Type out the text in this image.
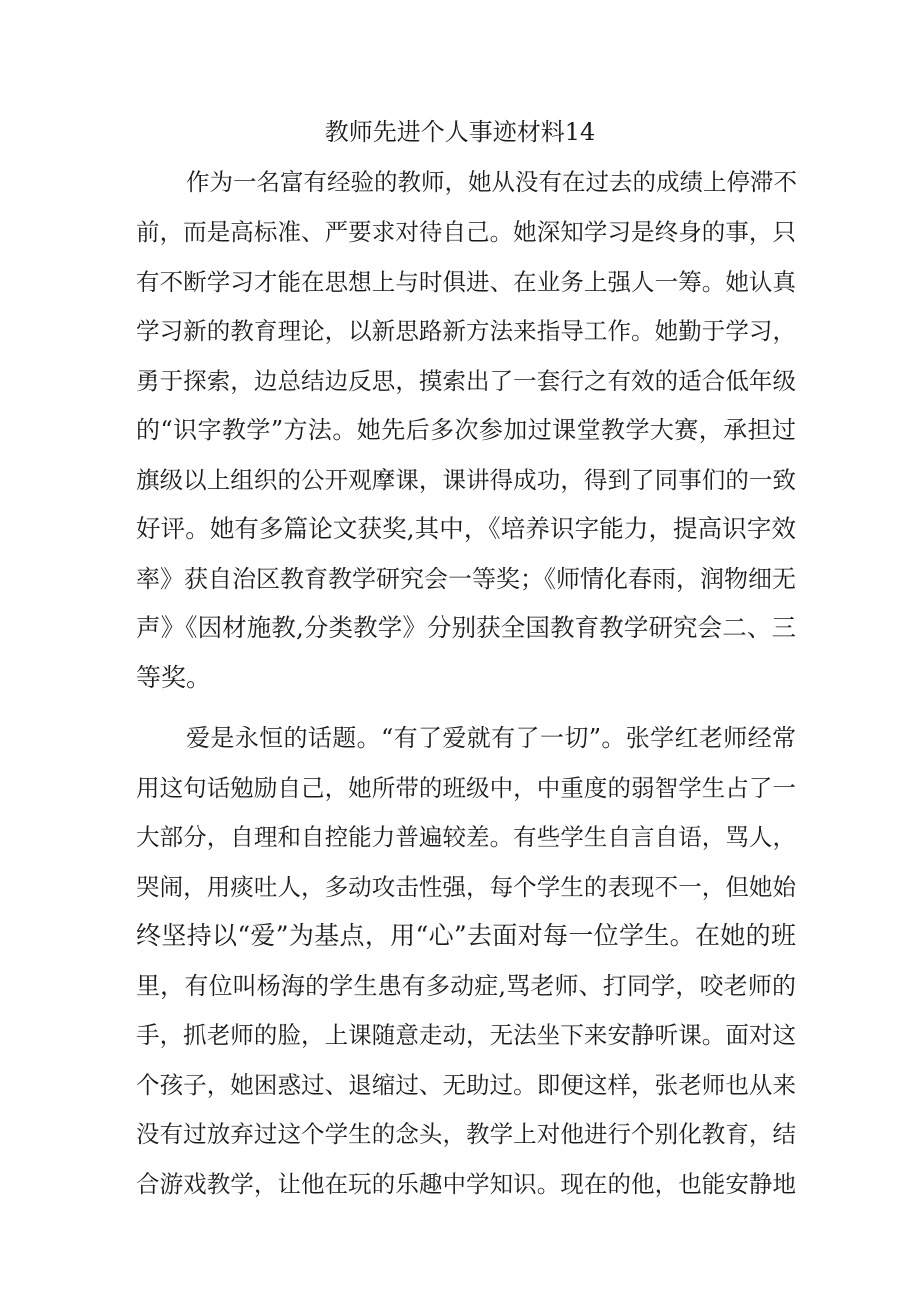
教师先进个人事迹材料14

作为一名富有经验的教师，她从没有在过去的成绩上停滞不

前，而是高标准、严要求对待自己。她深知学习是终身的事，只

有不断学习才能在思想上与时俱进、在业务上强人一筹。她认真

学习新的教育理论，以新思路新方法来指导工作。她勤于学习，

勇于探索，边总结边反思，摸索出了一套行之有效的适合低年级

的“识字教学”方法。她先后多次参加过课堂教学大赛，承担过

旗级以上组织的公开观摩课，课讲得成功，得到了同事们的一致

好评。她有多篇论文获奖,其中，《培养识字能力，提高识字效

率》获自治区教育教学研究会一等奖；《师情化春雨，润物细无

声》《因材施教,分类教学》分别获全国教育教学研究会二、三

等奖。

爱是永恒的话题。“有了爱就有了一切”。张学红老师经常

用这句话勉励自己，她所带的班级中，中重度的弱智学生占了一

大部分，自理和自控能力普遍较差。有些学生自言自语，骂人，

哭闹，用痰吐人，多动攻击性强，每个学生的表现不一，但她始

终坚持以“爱”为基点，用“心”去面对每一位学生。在她的班

里，有位叫杨海的学生患有多动症,骂老师、打同学，咬老师的

手，抓老师的脸，上课随意走动，无法坐下来安静听课。面对这

个孩子，她困惑过、退缩过、无助过。即便这样，张老师也从来

没有过放弃过这个学生的念头，教学上对他进行个别化教育，结

合游戏教学，让他在玩的乐趣中学知识。现在的他，也能安静地
